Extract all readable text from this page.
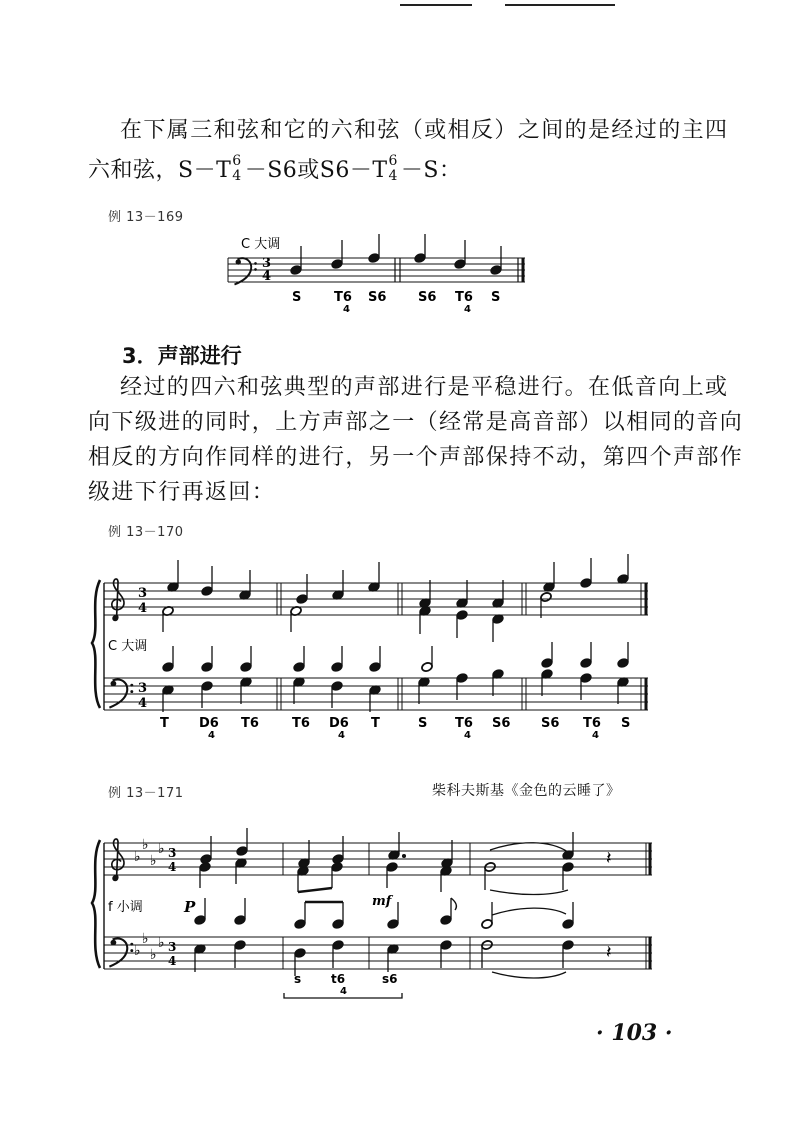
在下属三和弦和它的六和弦（或相反）之间的是经过的主四
六和弦，S－T 6
4 －S6或S6－T 6
4 －S：
例 13－169
3．声部进行
经过的四六和弦典型的声部进行是平稳进行。在低音向上或
向下级进的同时，上方声部之一（经常是高音部）以相同的音向
相反的方向作同样的进行，另一个声部保持不动，第四个声部作
级进下行再返回：
例 13－170
例 13－171	柴科夫斯基《金色的云睡了》
· 103 ·
C 大调
3
4
S	T6
4
S6 S6 T6
4
S
3
4
3
4
C 大调
T D6
4
T6	T6 D6
4
T	S T6
4
S6 S6 T6
4
S
♭
♭
♭
♭
♭
♭
♭
♭
3
4
3
4
f 小调	P	mf
𝄽
𝄽
s t6
4
s6
